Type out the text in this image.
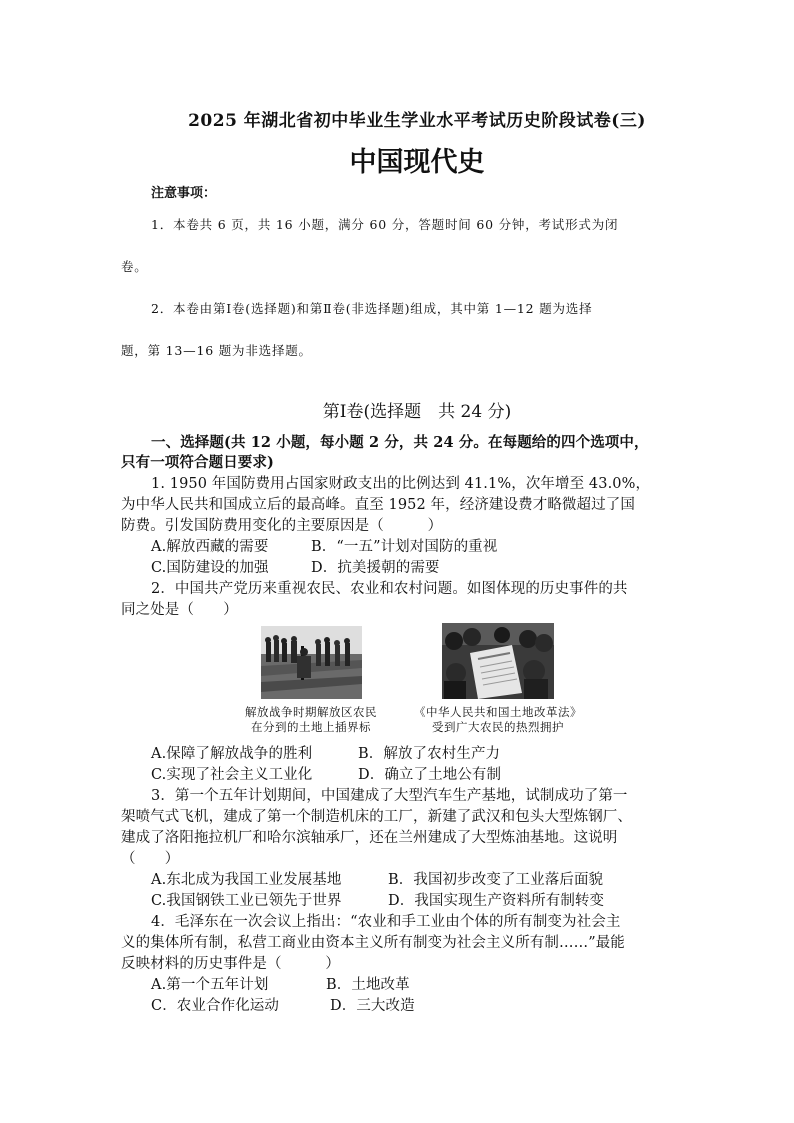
2025 年湖北省初中毕业生学业水平考试历史阶段试卷(三)
中国现代史
注意事项：
1．本卷共 6 页，共 16 小题，满分 60 分，答题时间 60 分钟，考试形式为闭
卷。
2．本卷由第Ⅰ卷(选择题)和第Ⅱ卷(非选择题)组成，其中第 1—12 题为选择
题，第 13—16 题为非选择题。
第Ⅰ卷(选择题　共 24 分)
一、选择题(共 12 小题，每小题 2 分，共 24 分。在每题给的四个选项中，
只有一项符合题日要求)
1. 1950 年国防费用占国家财政支出的比例达到 41.1%，次年增至 43.0%，
为中华人民共和国成立后的最高峰。直至 1952 年，经济建设费才略微超过了国
防费。引发国防费用变化的主要原因是（　　　）
A.解放西藏的需要	B．“一五”计划对国防的重视
C.国防建设的加强	D．抗美援朝的需要
2．中国共产党历来重视农民、农业和农村问题。如图体现的历史事件的共
同之处是（　　）
解放战争时期解放区农民
在分到的土地上插界标
《中华人民共和国土地改革法》
受到广大农民的热烈拥护
A.保障了解放战争的胜利	B．解放了农村生产力
C.实现了社会主义工业化	D．确立了土地公有制
3．第一个五年计划期间，中国建成了大型汽车生产基地，试制成功了第一
架喷气式飞机，建成了第一个制造机床的工厂，新建了武汉和包头大型炼钢厂、
建成了洛阳拖拉机厂和哈尔滨轴承厂，还在兰州建成了大型炼油基地。这说明
（　　）
A.东北成为我国工业发展基地	B．我国初步改变了工业落后面貌
C.我国钢铁工业已领先于世界	D．我国实现生产资料所有制转变
4．毛泽东在一次会议上指出：“农业和手工业由个体的所有制变为社会主
义的集体所有制，私营工商业由资本主义所有制变为社会主义所有制……”最能
反映材料的历史事件是（　　　）
A.第一个五年计划	B．土地改革
C．农业合作化运动	D．三大改造
